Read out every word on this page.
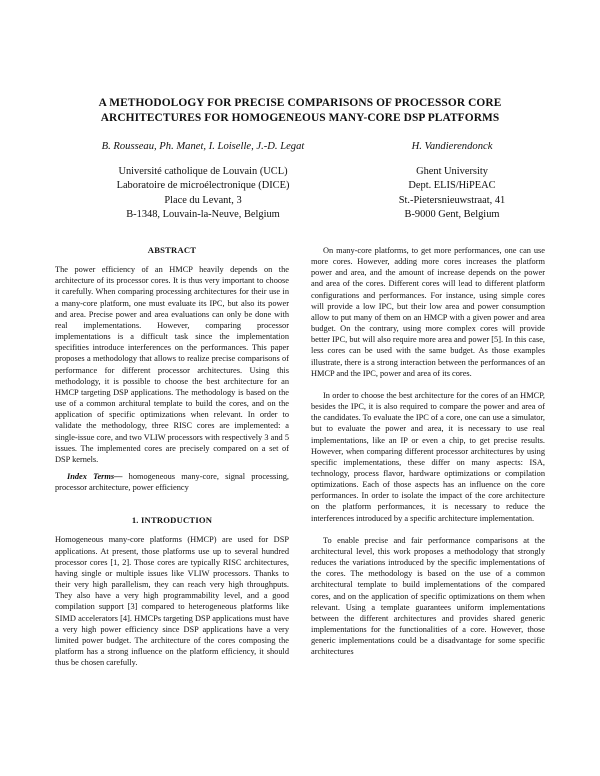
A METHODOLOGY FOR PRECISE COMPARISONS OF PROCESSOR CORE
ARCHITECTURES FOR HOMOGENEOUS MANY-CORE DSP PLATFORMS
B. Rousseau, Ph. Manet, I. Loiselle, J.-D. Legat	H. Vandierendonck
Université catholique de Louvain (UCL)
Laboratoire de microélectronique (DICE)
Place du Levant, 3
B-1348, Louvain-la-Neuve, Belgium
Ghent University
Dept. ELIS/HiPEAC
St.-Pietersnieuwstraat, 41
B-9000 Gent, Belgium
ABSTRACT

The power efficiency of an HMCP heavily depends on the architecture of its processor cores. It is thus very important to choose it carefully. When comparing processing architectures for their use in a many-core platform, one must evaluate its IPC, but also its power and area. Precise power and area evaluations can only be done with real implementations. However, comparing processor implementations is a difficult task since the implementation specifities introduce interferences on the performances. This paper proposes a methodology that allows to realize precise comparisons of performance for different processor architectures. Using this methodology, it is possible to choose the best architecture for an HMCP targeting DSP applications. The methodology is based on the use of a common architural template to build the cores, and on the application of specific optimizations when relevant. In order to validate the methodology, three RISC cores are implemented: a single-issue core, and two VLIW processors with respectively 3 and 5 issues. The implemented cores are precisely compared on a set of DSP kernels.

Index Terms— homogeneous many-core, signal processing, processor architecture, power efficiency

1. INTRODUCTION

Homogeneous many-core platforms (HMCP) are used for DSP applications. At present, those platforms use up to several hundred processor cores [1, 2]. Those cores are typically RISC architectures, having single or multiple issues like VLIW processors. Thanks to their very high parallelism, they can reach very high throughputs. They also have a very high programmability level, and a good compilation support [3] compared to heterogeneous platforms like SIMD accelerators [4]. HMCPs targeting DSP applications must have a very high power efficiency since DSP applications have a very limited power budget. The architecture of the cores composing the platform has a strong influence on the platform efficiency, it should thus be chosen carefully.

On many-core platforms, to get more performances, one can use more cores. However, adding more cores increases the platform power and area, and the amount of increase depends on the power and area of the cores. Different cores will lead to different platform configurations and performances. For instance, using simple cores will provide a low IPC, but their low area and power consumption allow to put many of them on an HMCP with a given power and area budget. On the contrary, using more complex cores will provide better IPC, but will also require more area and power [5]. In this case, less cores can be used with the same budget. As those examples illustrate, there is a strong interaction between the performances of an HMCP and the IPC, power and area of its cores.

In order to choose the best architecture for the cores of an HMCP, besides the IPC, it is also required to compare the power and area of the candidates. To evaluate the IPC of a core, one can use a simulator, but to evaluate the power and area, it is necessary to use real implementations, like an IP or even a chip, to get precise results. However, when comparing different processor architectures by using specific implementations, these differ on many aspects: ISA, technology, process flavor, hardware optimizations or compilation optimizations. Each of those aspects has an influence on the core performances. In order to isolate the impact of the core architecture on the platform performances, it is necessary to reduce the interferences introduced by a specific architecture implementation.

To enable precise and fair performance comparisons at the architectural level, this work proposes a methodology that strongly reduces the variations introduced by the specific implementations of the cores. The methodology is based on the use of a common architectural template to build implementations of the compared cores, and on the application of specific optimizations on them when relevant. Using a template guarantees uniform implementations between the different architectures and provides shared generic implementations for the functionalities of a core. However, those generic implementations could be a disadvantage for some specific architectures
